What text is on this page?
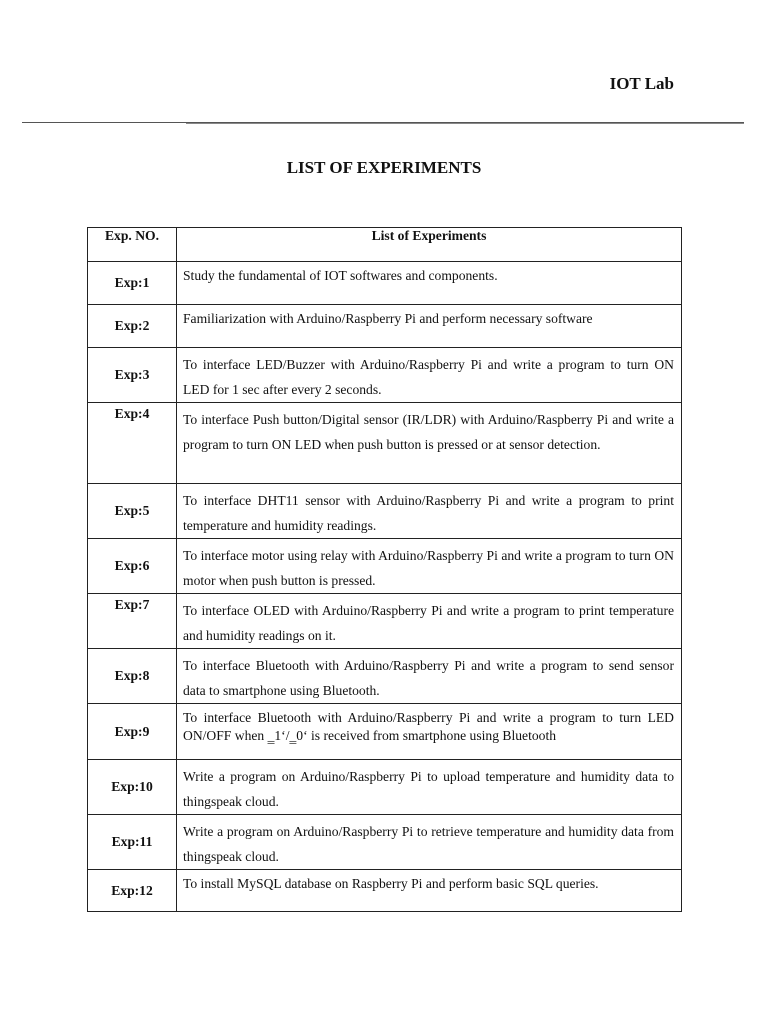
IOT Lab
LIST OF EXPERIMENTS
Exp. NO.	List of Experiments
Exp:1	Study the fundamental of IOT softwares and components.
Exp:2	Familiarization with Arduino/Raspberry Pi and perform necessary software
Exp:3	To interface LED/Buzzer with Arduino/Raspberry Pi and write a program to turn ON LED for 1 sec after every 2 seconds.
Exp:4	To interface Push button/Digital sensor (IR/LDR) with Arduino/Raspberry Pi and write a program to turn ON LED when push button is pressed or at sensor detection.
Exp:5	To interface DHT11 sensor with Arduino/Raspberry Pi and write a program to print temperature and humidity readings.
Exp:6	To interface motor using relay with Arduino/Raspberry Pi and write a program to turn ON motor when push button is pressed.
Exp:7	To interface OLED with Arduino/Raspberry Pi and write a program to print temperature and humidity readings on it.
Exp:8	To interface Bluetooth with Arduino/Raspberry Pi and write a program to send sensor data to smartphone using Bluetooth.
Exp:9	To interface Bluetooth with Arduino/Raspberry Pi and write a program to turn LED ON/OFF when ‗1‘/‗0‘ is received from smartphone using Bluetooth
Exp:10	Write a program on Arduino/Raspberry Pi to upload temperature and humidity data to thingspeak cloud.
Exp:11	Write a program on Arduino/Raspberry Pi to retrieve temperature and humidity data from thingspeak cloud.
Exp:12	To install MySQL database on Raspberry Pi and perform basic SQL queries.
